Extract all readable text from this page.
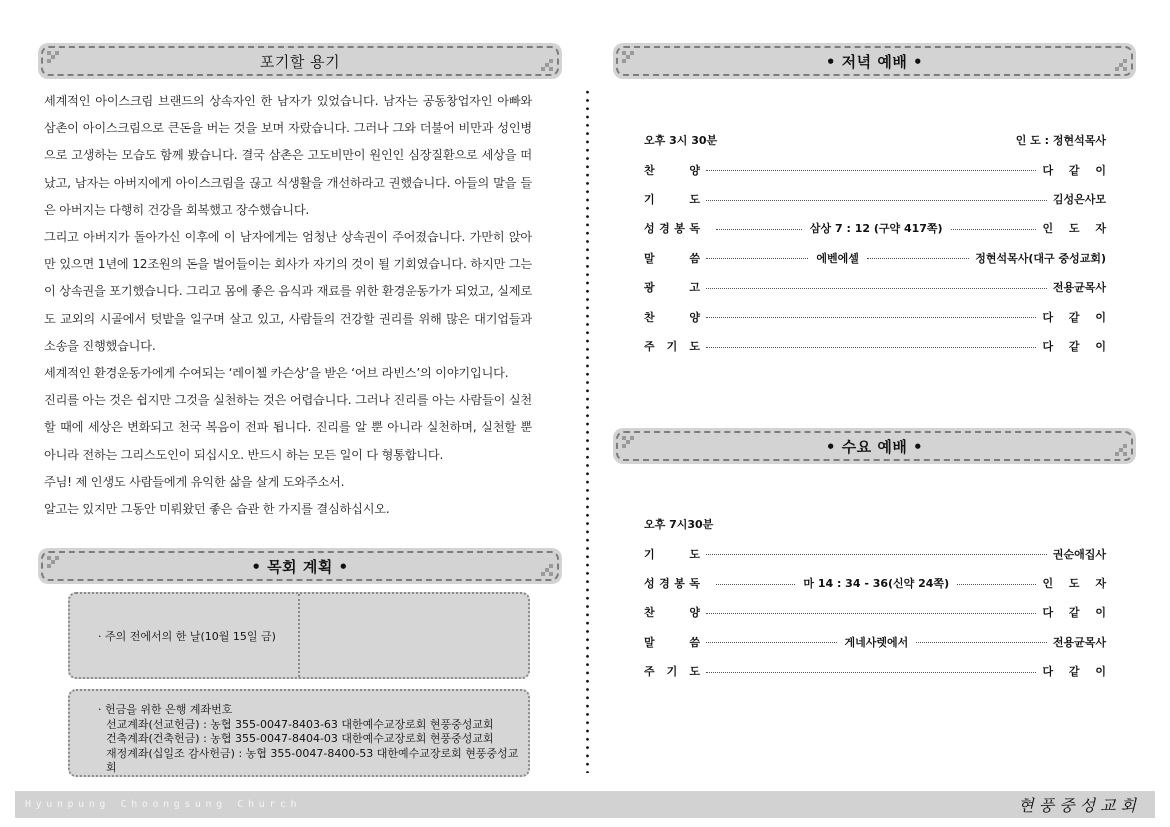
포기할 용기

세계적인 아이스크림 브랜드의 상속자인 한 남자가 있었습니다. 남자는 공동창업자인 아빠와 삼촌이 아이스크림으로 큰돈을 버는 것을 보며 자랐습니다. 그러나 그와 더불어 비만과 성인병으로 고생하는 모습도 함께 봤습니다. 결국 삼촌은 고도비만이 원인인 심장질환으로 세상을 떠났고, 남자는 아버지에게 아이스크림을 끊고 식생활을 개선하라고 권했습니다. 아들의 말을 들은 아버지는 다행히 건강을 회복했고 장수했습니다.

그리고 아버지가 돌아가신 이후에 이 남자에게는 엄청난 상속권이 주어졌습니다. 가만히 앉아만 있으면 1년에 12조원의 돈을 벌어들이는 회사가 자기의 것이 될 기회였습니다. 하지만 그는 이 상속권을 포기했습니다. 그리고 몸에 좋은 음식과 재료를 위한 환경운동가가 되었고, 실제로도 교외의 시골에서 텃밭을 일구며 살고 있고, 사람들의 건강할 권리를 위해 많은 대기업들과 소송을 진행했습니다.

세계적인 환경운동가에게 수여되는 ‘레이첼 카슨상’을 받은 ‘어브 라빈스’의 이야기입니다.

진리를 아는 것은 쉽지만 그것을 실천하는 것은 어렵습니다. 그러나 진리를 아는 사람들이 실천할 때에 세상은 변화되고 천국 복음이 전파 됩니다. 진리를 알 뿐 아니라 실천하며, 실천할 뿐 아니라 전하는 그리스도인이 되십시오. 반드시 하는 모든 일이 다 형통합니다.

주님! 제 인생도 사람들에게 유익한 삶을 살게 도와주소서.

알고는 있지만 그동안 미뤄왔던 좋은 습관 한 가지를 결심하십시오.

• 목회 계획 •
· 주의 전에서의 한 날(10월 15일 금)
· 헌금을 위한 은행 계좌번호
선교계좌(선교헌금) : 농협 355-0047-8403-63 대한예수교장로회 현풍중성교회
건축계좌(건축헌금) : 농협 355-0047-8404-03 대한예수교장로회 현풍중성교회
재정계좌(십일조 감사헌금) : 농협 355-0047-8400-53 대한예수교장로회 현풍중성교회
• 저녁 예배 •
오후 3시 30분	인 도 : 정현석목사
찬	양	다 같 이
기	도	김성은사모
성 경 봉 독	삼상 7 : 12 (구약 417쪽)	인 도 자
말	씀	에벤에셀	정현석목사(대구 중성교회)
광	고	전용균목사
찬	양	다 같 이
주 기 도	다 같 이
• 수요 예배 •
오후 7시30분
기	도	권순애집사
성 경 봉 독	마 14 : 34 - 36(신약 24쪽)	인 도 자
찬	양	다 같 이
말	씀	게네사렛에서	전용균목사
주 기 도	다 같 이
Hyunpung Choongsung Church	현풍중성교회
